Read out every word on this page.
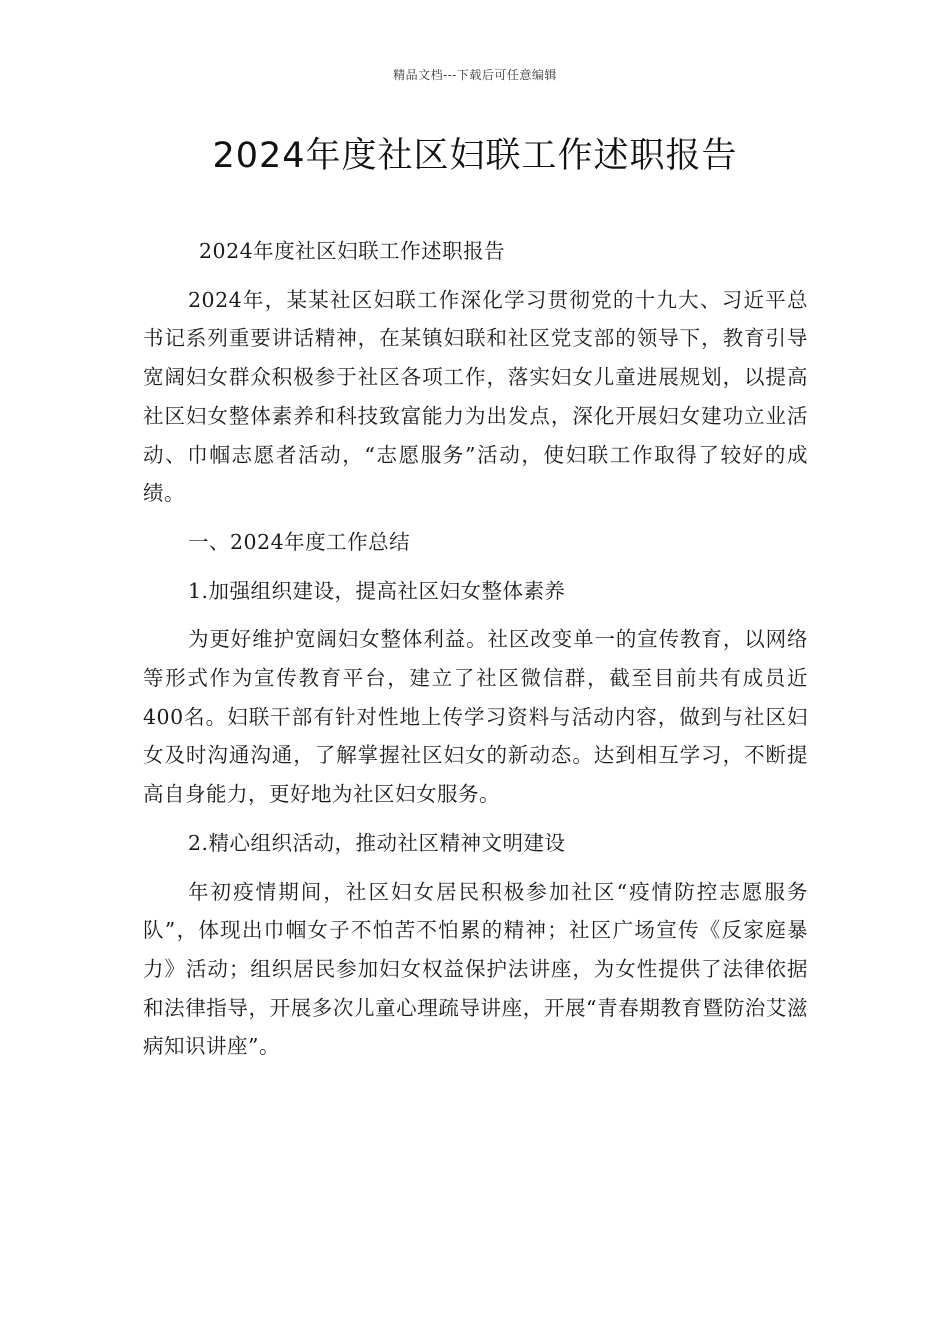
精品文档---下载后可任意编辑
2024年度社区妇联工作述职报告

2024年度社区妇联工作述职报告

2024年，某某社区妇联工作深化学习贯彻党的十九大、习近平总书记系列重要讲话精神，在某镇妇联和社区党支部的领导下，教育引导宽阔妇女群众积极参于社区各项工作，落实妇女儿童进展规划，以提高社区妇女整体素养和科技致富能力为出发点，深化开展妇女建功立业活动、巾帼志愿者活动，“志愿服务”活动，使妇联工作取得了较好的成绩。

一、2024年度工作总结

1.加强组织建设，提高社区妇女整体素养

为更好维护宽阔妇女整体利益。社区改变单一的宣传教育，以网络等形式作为宣传教育平台，建立了社区微信群，截至目前共有成员近400名。妇联干部有针对性地上传学习资料与活动内容，做到与社区妇女及时沟通沟通，了解掌握社区妇女的新动态。达到相互学习，不断提高自身能力，更好地为社区妇女服务。

2.精心组织活动，推动社区精神文明建设

年初疫情期间，社区妇女居民积极参加社区“疫情防控志愿服务队”，体现出巾帼女子不怕苦不怕累的精神；社区广场宣传《反家庭暴力》活动；组织居民参加妇女权益保护法讲座，为女性提供了法律依据和法律指导，开展多次儿童心理疏导讲座，开展“青春期教育暨防治艾滋病知识讲座”。
